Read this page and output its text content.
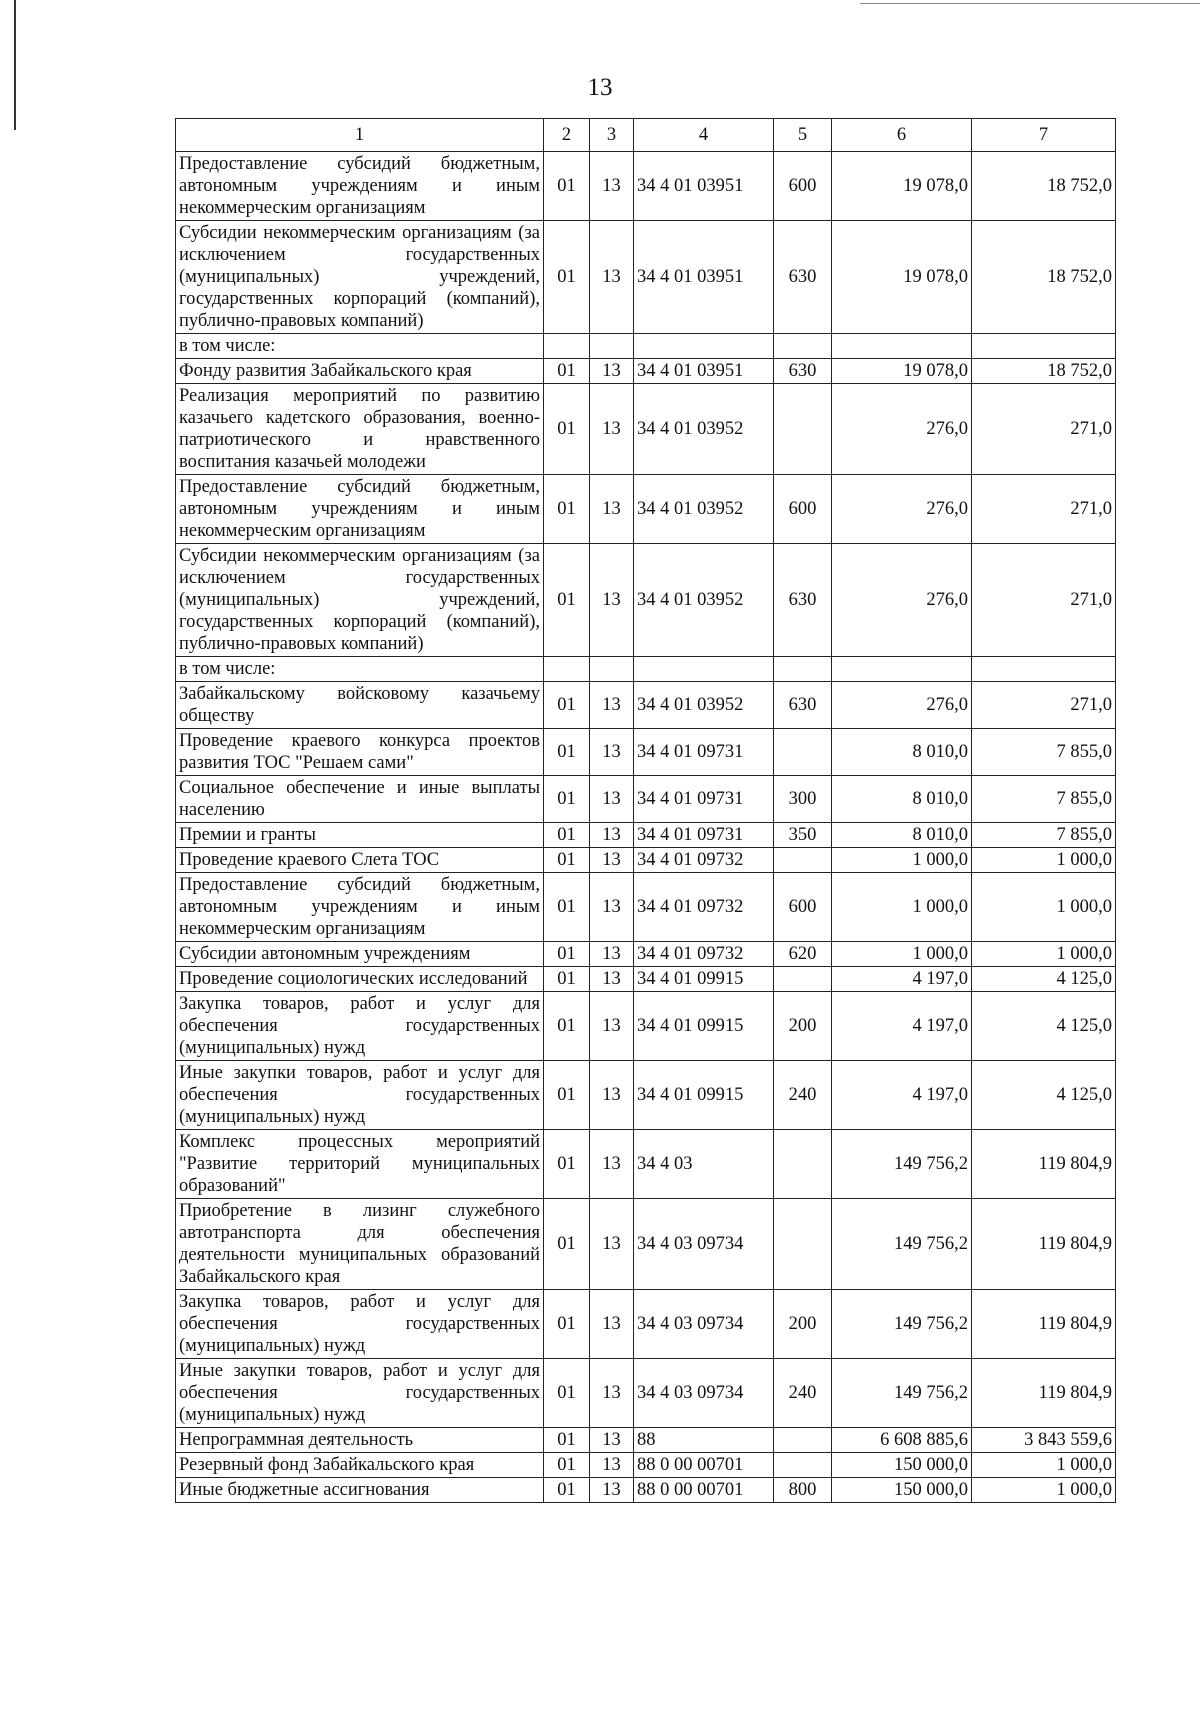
13
1	2	3	4	5	6	7
Предоставление субсидий бюджетным, автономным учреждениям и иным некоммерческим организациям	01	13	34 4 01 03951	600	19 078,0	18 752,0
Субсидии некоммерческим организациям (за исключением государственных (муниципальных) учреждений, государственных корпораций (компаний), публично-правовых компаний)	01	13	34 4 01 03951	630	19 078,0	18 752,0
в том числе:						
Фонду развития Забайкальского края	01	13	34 4 01 03951	630	19 078,0	18 752,0
Реализация мероприятий по развитию казачьего кадетского образования, военно-патриотического и нравственного воспитания казачьей молодежи	01	13	34 4 01 03952		276,0	271,0
Предоставление субсидий бюджетным, автономным учреждениям и иным некоммерческим организациям	01	13	34 4 01 03952	600	276,0	271,0
Субсидии некоммерческим организациям (за исключением государственных (муниципальных) учреждений, государственных корпораций (компаний), публично-правовых компаний)	01	13	34 4 01 03952	630	276,0	271,0
в том числе:						
Забайкальскому войсковому казачьему обществу	01	13	34 4 01 03952	630	276,0	271,0
Проведение краевого конкурса проектов развития ТОС "Решаем сами"	01	13	34 4 01 09731		8 010,0	7 855,0
Социальное обеспечение и иные выплаты населению	01	13	34 4 01 09731	300	8 010,0	7 855,0
Премии и гранты	01	13	34 4 01 09731	350	8 010,0	7 855,0
Проведение краевого Слета ТОС	01	13	34 4 01 09732		1 000,0	1 000,0
Предоставление субсидий бюджетным, автономным учреждениям и иным некоммерческим организациям	01	13	34 4 01 09732	600	1 000,0	1 000,0
Субсидии автономным учреждениям	01	13	34 4 01 09732	620	1 000,0	1 000,0
Проведение социологических исследований	01	13	34 4 01 09915		4 197,0	4 125,0
Закупка товаров, работ и услуг для обеспечения государственных (муниципальных) нужд	01	13	34 4 01 09915	200	4 197,0	4 125,0
Иные закупки товаров, работ и услуг для обеспечения государственных (муниципальных) нужд	01	13	34 4 01 09915	240	4 197,0	4 125,0
Комплекс процессных мероприятий "Развитие территорий муниципальных образований"	01	13	34 4 03		149 756,2	119 804,9
Приобретение в лизинг служебного автотранспорта для обеспечения деятельности муниципальных образований Забайкальского края	01	13	34 4 03 09734		149 756,2	119 804,9
Закупка товаров, работ и услуг для обеспечения государственных (муниципальных) нужд	01	13	34 4 03 09734	200	149 756,2	119 804,9
Иные закупки товаров, работ и услуг для обеспечения государственных (муниципальных) нужд	01	13	34 4 03 09734	240	149 756,2	119 804,9
Непрограммная деятельность	01	13	88		6 608 885,6	3 843 559,6
Резервный фонд Забайкальского края	01	13	88 0 00 00701		150 000,0	1 000,0
Иные бюджетные ассигнования	01	13	88 0 00 00701	800	150 000,0	1 000,0
